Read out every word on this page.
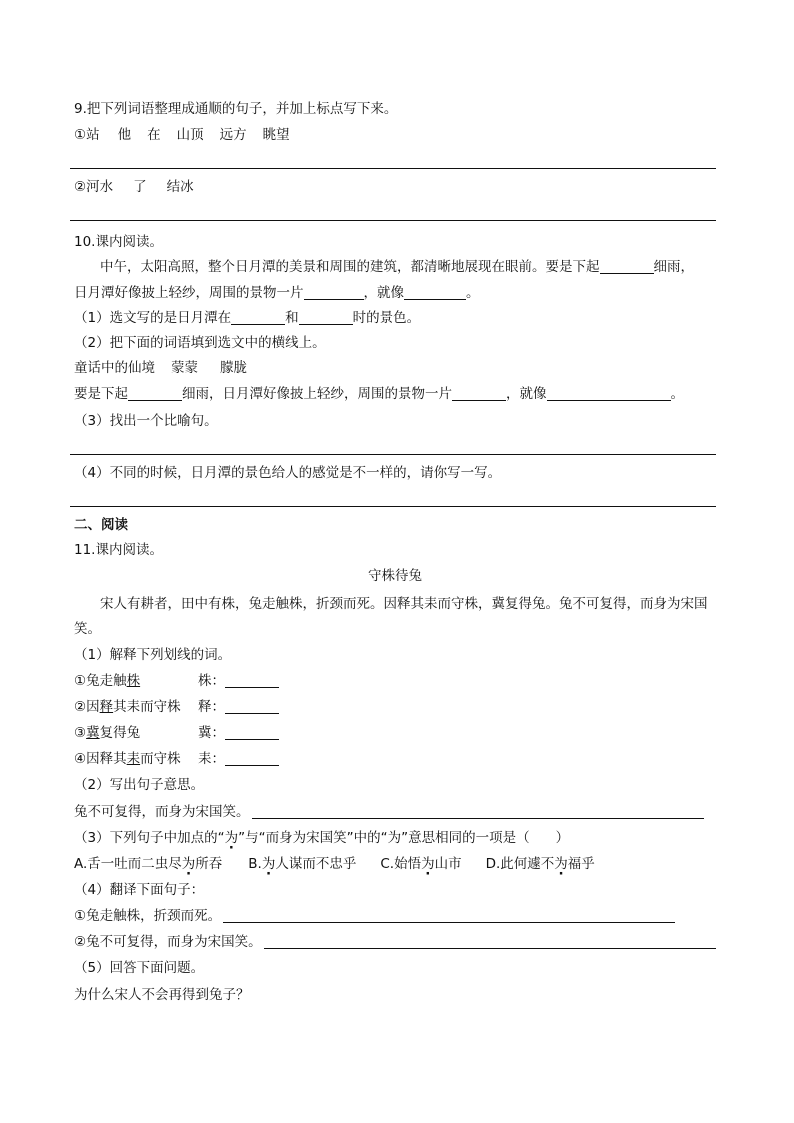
9.把下列词语整理成通顺的句子，并加上标点写下来。
①站 他 在 山顶 远方 眺望
②河水 了 结冰
10.课内阅读。
中午，太阳高照，整个日月潭的美景和周围的建筑，都清晰地展现在眼前。要是下起	细雨，
日月潭好像披上轻纱，周围的景物一片	，就像	。
（1）选文写的是日月潭在	和	时的景色。
（2）把下面的词语填到选文中的横线上。
童话中的仙境 蒙蒙 朦胧
要是下起	细雨，日月潭好像披上轻纱，周围的景物一片	，就像	。
（3）找出一个比喻句。
（4）不同的时候，日月潭的景色给人的感觉是不一样的，请你写一写。
二、阅读
11.课内阅读。
守株待兔
宋人有耕者，田中有株，兔走触株，折颈而死。因释其耒而守株，冀复得兔。兔不可复得，而身为宋国
笑。
（1）解释下列划线的词。
①兔走触株	株：
②因释其耒而守株 释：
③冀复得兔	冀：
④因释其耒而守株 耒：
（2）写出句子意思。
兔不可复得，而身为宋国笑。
（3）下列句子中加点的“为”与“而身为宋国笑”中的“为”意思相同的一项是（ ）
A.舌一吐而二虫尽为所吞 B.为人谋而不忠乎 C.始悟为山市 D.此何遽不为福乎
（4）翻译下面句子：
①兔走触株，折颈而死。
②兔不可复得，而身为宋国笑。
（5）回答下面问题。
为什么宋人不会再得到兔子？
